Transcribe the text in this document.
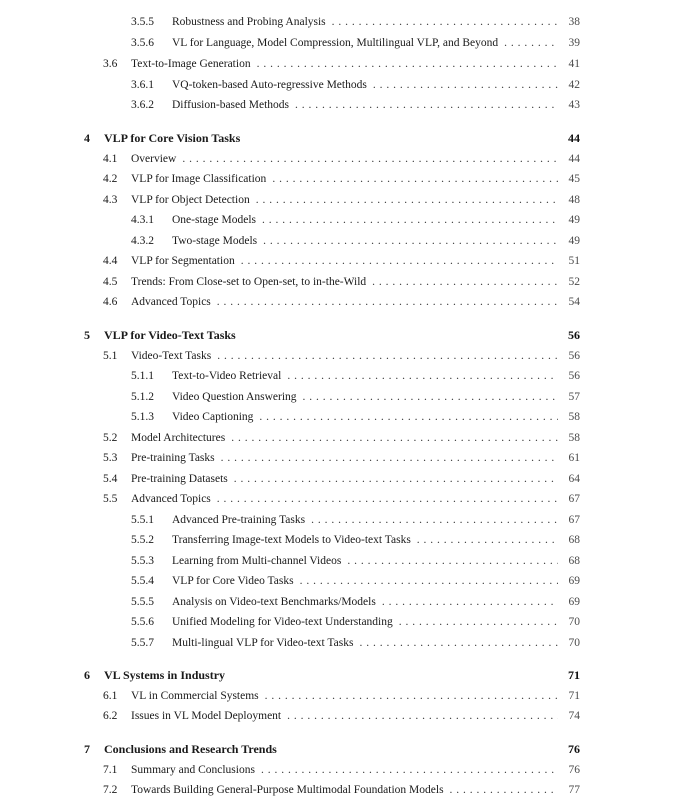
3.5.5	Robustness and Probing Analysis . . .	38
3.5.6	VL for Language, Model Compression, Multilingual VLP, and Beyond . . .	39
3.6	Text-to-Image Generation . . .	41
3.6.1	VQ-token-based Auto-regressive Methods . . .	42
3.6.2	Diffusion-based Methods . . .	43
4	VLP for Core Vision Tasks	44
4.1	Overview . . .	44
4.2	VLP for Image Classification . . .	45
4.3	VLP for Object Detection . . .	48
4.3.1	One-stage Models . . .	49
4.3.2	Two-stage Models . . .	49
4.4	VLP for Segmentation . . .	51
4.5	Trends: From Close-set to Open-set, to in-the-Wild . . .	52
4.6	Advanced Topics . . .	54
5	VLP for Video-Text Tasks	56
5.1	Video-Text Tasks . . .	56
5.1.1	Text-to-Video Retrieval . . .	56
5.1.2	Video Question Answering . . .	57
5.1.3	Video Captioning . . .	58
5.2	Model Architectures . . .	58
5.3	Pre-training Tasks . . .	61
5.4	Pre-training Datasets . . .	64
5.5	Advanced Topics . . .	67
5.5.1	Advanced Pre-training Tasks . . .	67
5.5.2	Transferring Image-text Models to Video-text Tasks . . .	68
5.5.3	Learning from Multi-channel Videos . . .	68
5.5.4	VLP for Core Video Tasks . . .	69
5.5.5	Analysis on Video-text Benchmarks/Models . . .	69
5.5.6	Unified Modeling for Video-text Understanding . . .	70
5.5.7	Multi-lingual VLP for Video-text Tasks . . .	70
6	VL Systems in Industry	71
6.1	VL in Commercial Systems . . .	71
6.2	Issues in VL Model Deployment . . .	74
7	Conclusions and Research Trends	76
7.1	Summary and Conclusions . . .	76
7.2	Towards Building General-Purpose Multimodal Foundation Models . . .	77
